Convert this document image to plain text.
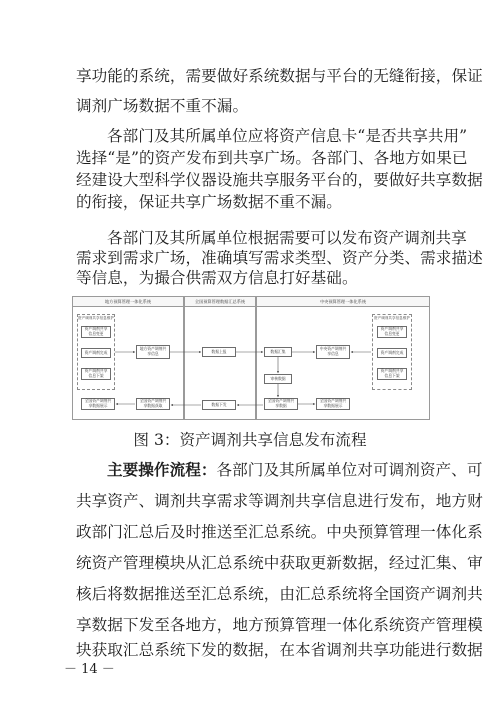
享功能的系统，需要做好系统数据与平台的无缝衔接，保证
调剂广场数据不重不漏。
各部门及其所属单位应将资产信息卡“是否共享共用”
选择“是”的资产发布到共享广场。各部门、各地方如果已
经建设大型科学仪器设施共享服务平台的，要做好共享数据
的衔接，保证共享广场数据不重不漏。
各部门及其所属单位根据需要可以发布资产调剂共享
需求到需求广场，准确填写需求类型、资产分类、需求描述
地方预算管理一体化系统	全国预算管理数据汇总系统	中央预算管理一体化系统
资产调剂共享信息维护
资产调剂共享信息变更
资产调剂完成
资产调剂共享信息下架
地方资产调剂共享信息
全国资产调剂共享数据展示
全国资产调剂共享数据获取
数据上报
数据下发
数据汇集
审核数据
中央资产调剂共享信息
全国资产调剂共享数据
全国资产调剂共享数据展示
资产调剂共享信息维护
资产调剂共享信息变更
资产调剂完成
资产调剂共享信息下架
图 3：资产调剂共享信息发布流程
主要操作流程：各部门及其所属单位对可调剂资产、可
共享资产、调剂共享需求等调剂共享信息进行发布，地方财
政部门汇总后及时推送至汇总系统。中央预算管理一体化系
统资产管理模块从汇总系统中获取更新数据，经过汇集、审
核后将数据推送至汇总系统，由汇总系统将全国资产调剂共
享数据下发至各地方，地方预算管理一体化系统资产管理模
块获取汇总系统下发的数据，在本省调剂共享功能进行数据
－ 14 －
等信息，为撮合供需双方信息打好基础。
